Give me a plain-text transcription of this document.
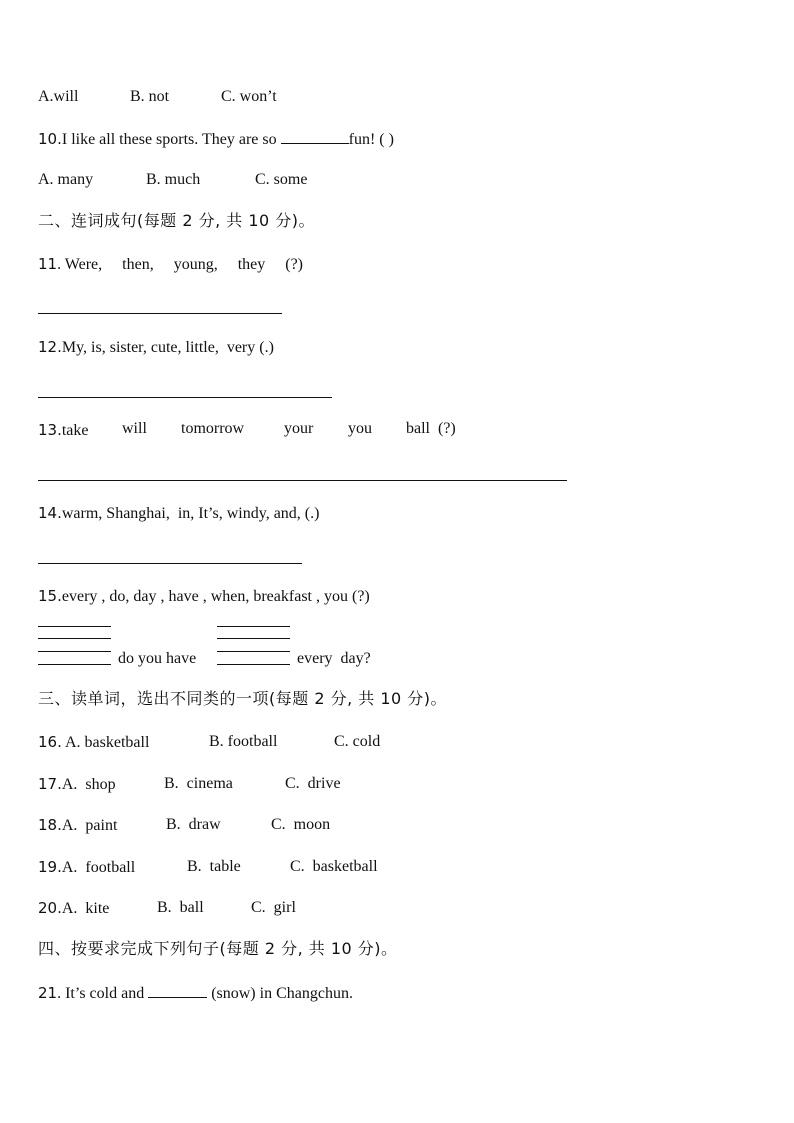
A.will	B. not	C. won’t
10.I like all these sports. They are so	fun! ( )
A. many	B. much	C. some
二、连词成句(每题 2 分, 共 10 分)。
11. Were,     then,     young,     they     (?)
12.My, is, sister, cute, little,  very (.)
13.take will tomorrow your you ball  (?)
14.warm, Shanghai,  in, It’s, windy, and, (.)
15.every , do, day , have , when, breakfast , you (?)
do you have	every  day?
三、读单词，选出不同类的一项(每题 2 分, 共 10 分)。
16. A. basketball	B. football	C. cold
17.A.  shop	B.  cinema	C.  drive
18.A.  paint	B.  draw	C.  moon
19.A.  football	B.  table	C.  basketball
20.A.  kite	B.  ball	C.  girl
四、按要求完成下列句子(每题 2 分, 共 10 分)。
21. It’s cold and	(snow) in Changchun.
